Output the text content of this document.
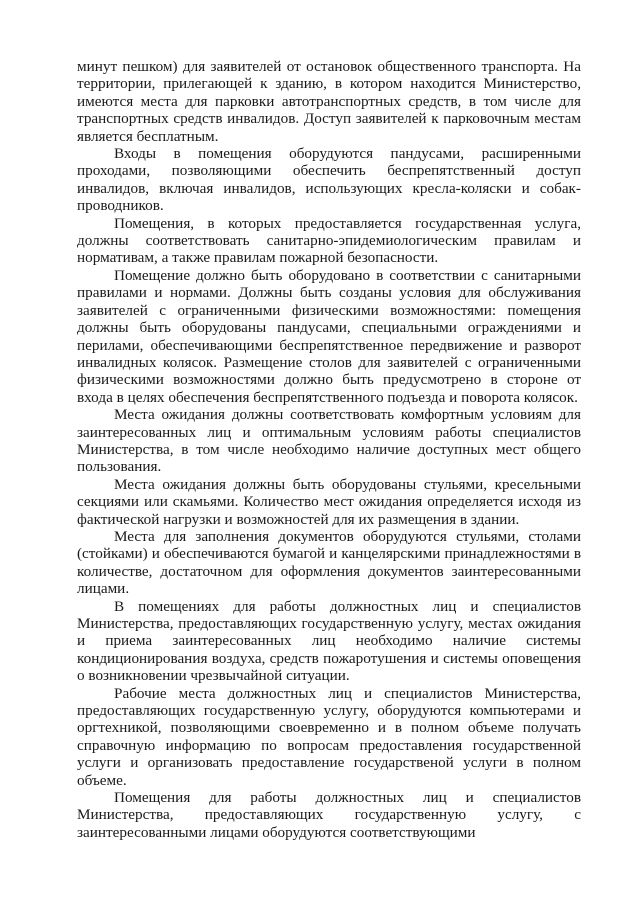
минут пешком) для заявителей от остановок общественного транспорта. На территории, прилегающей к зданию, в котором находится Министерство, имеются места для парковки автотранспортных средств, в том числе для транспортных средств инвалидов. Доступ заявителей к парковочным местам является бесплатным.

Входы в помещения оборудуются пандусами, расширенными проходами, позволяющими обеспечить беспрепятственный доступ инвалидов, включая инвалидов, использующих кресла-коляски и собак-проводников.

Помещения, в которых предоставляется государственная услуга, должны соответствовать санитарно-эпидемиологическим правилам и нормативам, а также правилам пожарной безопасности.

Помещение должно быть оборудовано в соответствии с санитарными правилами и нормами. Должны быть созданы условия для обслуживания заявителей с ограниченными физическими возможностями: помещения должны быть оборудованы пандусами, специальными ограждениями и перилами, обеспечивающими беспрепятственное передвижение и разворот инвалидных колясок. Размещение столов для заявителей с ограниченными физическими возможностями должно быть предусмотрено в стороне от входа в целях обеспечения беспрепятственного подъезда и поворота колясок.

Места ожидания должны соответствовать комфортным условиям для заинтересованных лиц и оптимальным условиям работы специалистов Министерства, в том числе необходимо наличие доступных мест общего пользования.

Места ожидания должны быть оборудованы стульями, кресельными секциями или скамьями. Количество мест ожидания определяется исходя из фактической нагрузки и возможностей для их размещения в здании.

Места для заполнения документов оборудуются стульями, столами (стойками) и обеспечиваются бумагой и канцелярскими принадлежностями в количестве, достаточном для оформления документов заинтересованными лицами.

В помещениях для работы должностных лиц и специалистов Министерства, предоставляющих государственную услугу, местах ожидания и приема заинтересованных лиц необходимо наличие системы кондиционирования воздуха, средств пожаротушения и системы оповещения о возникновении чрезвычайной ситуации.

Рабочие места должностных лиц и специалистов Министерства, предоставляющих государственную услугу, оборудуются компьютерами и оргтехникой, позволяющими своевременно и в полном объеме получать справочную информацию по вопросам предоставления государственной услуги и организовать предоставление государственой услуги в полном объеме.

Помещения для работы должностных лиц и специалистов Министерства, предоставляющих государственную услугу, с заинтересованными лицами оборудуются соответствующими
